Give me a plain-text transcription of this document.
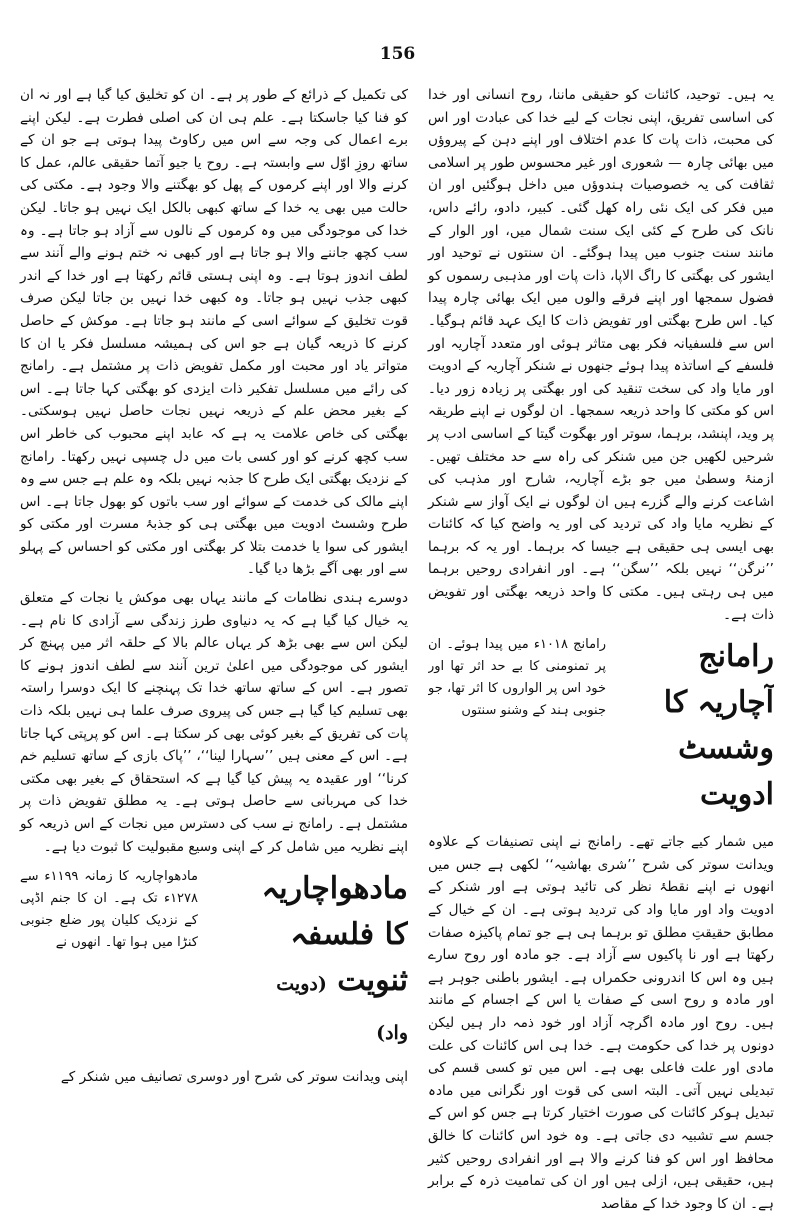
156

یہ ہیں۔ توحید، کائنات کو حقیقی ماننا، روح انسانی اور خدا کی اساسی تفریق، اپنی نجات کے لیے خدا کی عبادت اور اس کی محبت، ذات پات کا عدم اختلاف اور اپنے دہن کے پیروؤں میں بھائی چارہ — شعوری اور غیر محسوس طور پر اسلامی ثقافت کی یہ خصوصیات ہندوؤں میں داخل ہوگئیں اور ان میں فکر کی ایک نئی راہ کھل گئی۔ کبیر، دادو، رائے داس، نانک کی طرح کے کئی ایک سنت شمال میں، اور الوار کے مانند سنت جنوب میں پیدا ہوگئے۔ ان سنتوں نے توحید اور ایشور کی بھگتی کا راگ الاپا، ذات پات اور مذہبی رسموں کو فضول سمجھا اور اپنے فرقے والوں میں ایک بھائی چارہ پیدا کیا۔ اس طرح بھگتی اور تفویض ذات کا ایک عہد قائم ہوگیا۔ اس سے فلسفیانہ فکر بھی متاثر ہوئی اور متعدد آچاریہ اور فلسفے کے اساتذہ پیدا ہوئے جنھوں نے شنکر آچاریہ کے ادویت اور مایا واد کی سخت تنقید کی اور بھگتی پر زیادہ زور دیا۔ اس کو مکتی کا واحد ذریعہ سمجھا۔ ان لوگوں نے اپنے طریقہ پر وید، اپنشد، برہما، سوتر اور بھگوت گیتا کے اساسی ادب پر شرحیں لکھیں جن میں شنکر کی راہ سے حد مختلف تھیں۔ ازمنۂ وسطیٰ میں جو بڑے آچاریہ، شارح اور مذہب کی اشاعت کرنے والے گزرے ہیں ان لوگوں نے ایک آواز سے شنکر کے نظریہ مایا واد کی تردید کی اور یہ واضح کیا کہ کائنات بھی ایسی ہی حقیقی ہے جیسا کہ برہما۔ اور یہ کہ برہما ’’نرگن‘‘ نہیں بلکہ ’’سگن‘‘ ہے۔ اور انفرادی روحیں برہما میں ہی رہتی ہیں۔ مکتی کا واحد ذریعہ بھگتی اور تفویض ذات ہے۔

رامانج آچاریہ کا وشسٹ ادویت
رامانج ۱۰۱۸ء میں پیدا ہوئے۔ ان پر تمنومنی کا بے حد اثر تھا اور خود اس پر الواروں کا اثر تھا، جو جنوبی ہند کے وشنو سنتوں

میں شمار کیے جاتے تھے۔ رامانج نے اپنی تصنیفات کے علاوہ ویدانت سوتر کی شرح ’’شری بھاشیہ‘‘ لکھی ہے جس میں انھوں نے اپنے نقطۂ نظر کی تائید ہوتی ہے اور شنکر کے ادویت واد اور مایا واد کی تردید ہوتی ہے۔ ان کے خیال کے مطابق حقیقتِ مطلق تو برہما ہی ہے جو تمام پاکیزہ صفات رکھتا ہے اور نا پاکیوں سے آزاد ہے۔ جو مادہ اور روح سارے ہیں وہ اس کا اندرونی حکمراں ہے۔ ایشور باطنی جوہر ہے اور مادہ و روح اسی کے صفات یا اس کے اجسام کے مانند ہیں۔ روح اور مادہ اگرچہ آزاد اور خود ذمہ دار ہیں لیکن دونوں پر خدا کی حکومت ہے۔ خدا ہی اس کائنات کی علت مادی اور علت فاعلی بھی ہے۔ اس میں تو کسی قسم کی تبدیلی نہیں آتی۔ البتہ اسی کی قوت اور نگرانی میں مادہ تبدیل ہوکر کائنات کی صورت اختیار کرتا ہے جس کو اس کے جسم سے تشبیہ دی جاتی ہے۔ وہ خود اس کائنات کا خالق محافظ اور اس کو فنا کرنے والا ہے اور انفرادی روحیں کثیر ہیں، حقیقی ہیں، ازلی ہیں اور ان کی تمامیت ذرہ کے برابر ہے۔ ان کا وجود خدا کے مقاصد

کی تکمیل کے ذرائع کے طور پر ہے۔ ان کو تخلیق کیا گیا ہے اور نہ ان کو فنا کیا جاسکتا ہے۔ علم ہی ان کی اصلی فطرت ہے۔ لیکن اپنے برے اعمال کی وجہ سے اس میں رکاوٹ پیدا ہوتی ہے جو ان کے ساتھ روزِ اوّل سے وابستہ ہے۔ روح یا جیو آتما حقیقی عالم، عمل کا کرنے والا اور اپنے کرموں کے پھل کو بھگتنے والا وجود ہے۔ مکتی کی حالت میں بھی یہ خدا کے ساتھ کبھی بالکل ایک نہیں ہو جاتا۔ لیکن خدا کی موجودگی میں وہ کرموں کے نالوں سے آزاد ہو جاتا ہے۔ وہ سب کچھ جاننے والا ہو جاتا ہے اور کبھی نہ ختم ہونے والے آنند سے لطف اندوز ہوتا ہے۔ وہ اپنی ہستی قائم رکھتا ہے اور خدا کے اندر کبھی جذب نہیں ہو جاتا۔ وہ کبھی خدا نہیں بن جاتا لیکن صرف قوت تخلیق کے سوائے اسی کے مانند ہو جاتا ہے۔ موکش کے حاصل کرنے کا ذریعہ گیان ہے جو اس کی ہمیشہ مسلسل فکر یا ان کا متواتر یاد اور محبت اور مکمل تفویض ذات پر مشتمل ہے۔ رامانج کی رائے میں مسلسل تفکیر ذات ایزدی کو بھگتی کہا جاتا ہے۔ اس کے بغیر محض علم کے ذریعہ نہیں نجات حاصل نہیں ہوسکتی۔ بھگتی کی خاص علامت یہ ہے کہ عابد اپنے محبوب کی خاطر اس سب کچھ کرنے کو اور کسی بات میں دل چسپی نہیں رکھتا۔ رامانج کے نزدیک بھگتی ایک طرح کا جذبہ نہیں بلکہ وہ علم ہے جس سے وہ اپنے مالک کی خدمت کے سوائے اور سب باتوں کو بھول جاتا ہے۔ اس طرح وشسٹ ادویت میں بھگتی ہی کو جذبۂ مسرت اور مکتی کو ایشور کی سوا یا خدمت بتلا کر بھگتی اور مکتی کو احساس کے پہلو سے اور بھی آگے بڑھا دیا گیا۔

دوسرے ہندی نظامات کے مانند یہاں بھی موکش یا نجات کے متعلق یہ خیال کیا گیا ہے کہ یہ دنیاوی طرز زندگی سے آزادی کا نام ہے۔ لیکن اس سے بھی بڑھ کر یہاں عالم بالا کے حلقہ اثر میں پہنچ کر ایشور کی موجودگی میں اعلیٰ ترین آنند سے لطف اندوز ہونے کا تصور ہے۔ اس کے ساتھ ساتھ خدا تک پہنچنے کا ایک دوسرا راستہ بھی تسلیم کیا گیا ہے جس کی پیروی صرف علما ہی نہیں بلکہ ذات پات کی تفریق کے بغیر کوئی بھی کر سکتا ہے۔ اس کو پرپتی کہا جاتا ہے۔ اس کے معنی ہیں ’’سہارا لینا‘‘، ’’پاک بازی کے ساتھ تسلیم خم کرنا‘‘ اور عقیدہ یہ پیش کیا گیا ہے کہ استحقاق کے بغیر بھی مکتی خدا کی مہربانی سے حاصل ہوتی ہے۔ یہ مطلق تفویض ذات پر مشتمل ہے۔ رامانج نے سب کی دسترس میں نجات کے اس ذریعہ کو اپنے نظریہ میں شامل کر کے اپنی وسیع مقبولیت کا ثبوت دیا ہے۔

مادھواچاریہ کا فلسفہ ثنویت (دویت واد)
مادھواچاریہ کا زمانہ ۱۱۹۹ء سے ۱۲۷۸ء تک ہے۔ ان کا جنم اڈپی کے نزدیک کلیان پور ضلع جنوبی کنڑا میں ہوا تھا۔ انھوں نے

اپنی ویدانت سوتر کی شرح اور دوسری تصانیف میں شنکر کے
